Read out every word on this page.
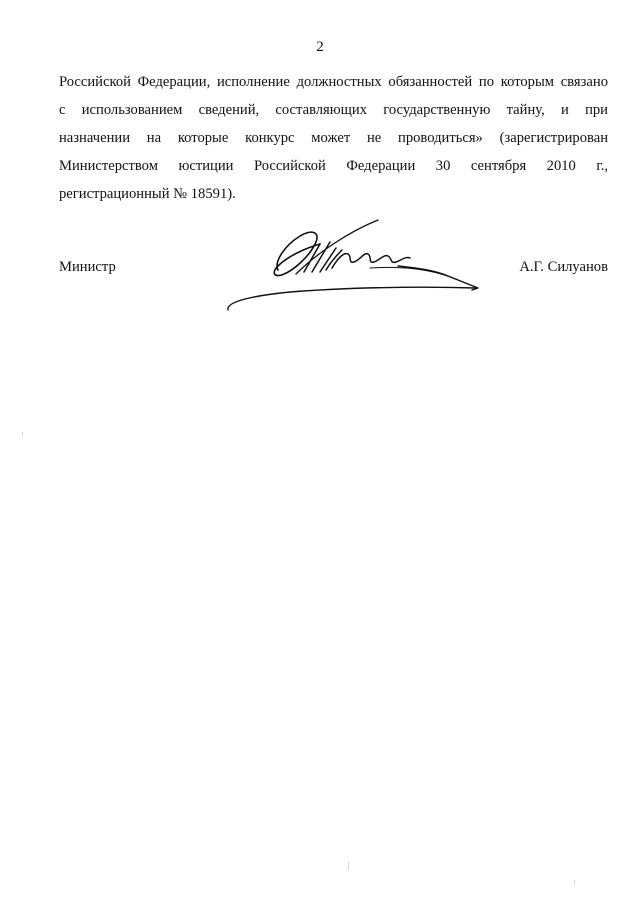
2
Российской Федерации, исполнение должностных обязанностей по которым связано
с использованием сведений, составляющих государственную тайну, и при
назначении на которые конкурс может не проводиться» (зарегистрирован
Министерством юстиции Российской Федерации 30 сентября 2010 г.,
регистрационный № 18591).
Министр	А.Г. Силуанов
